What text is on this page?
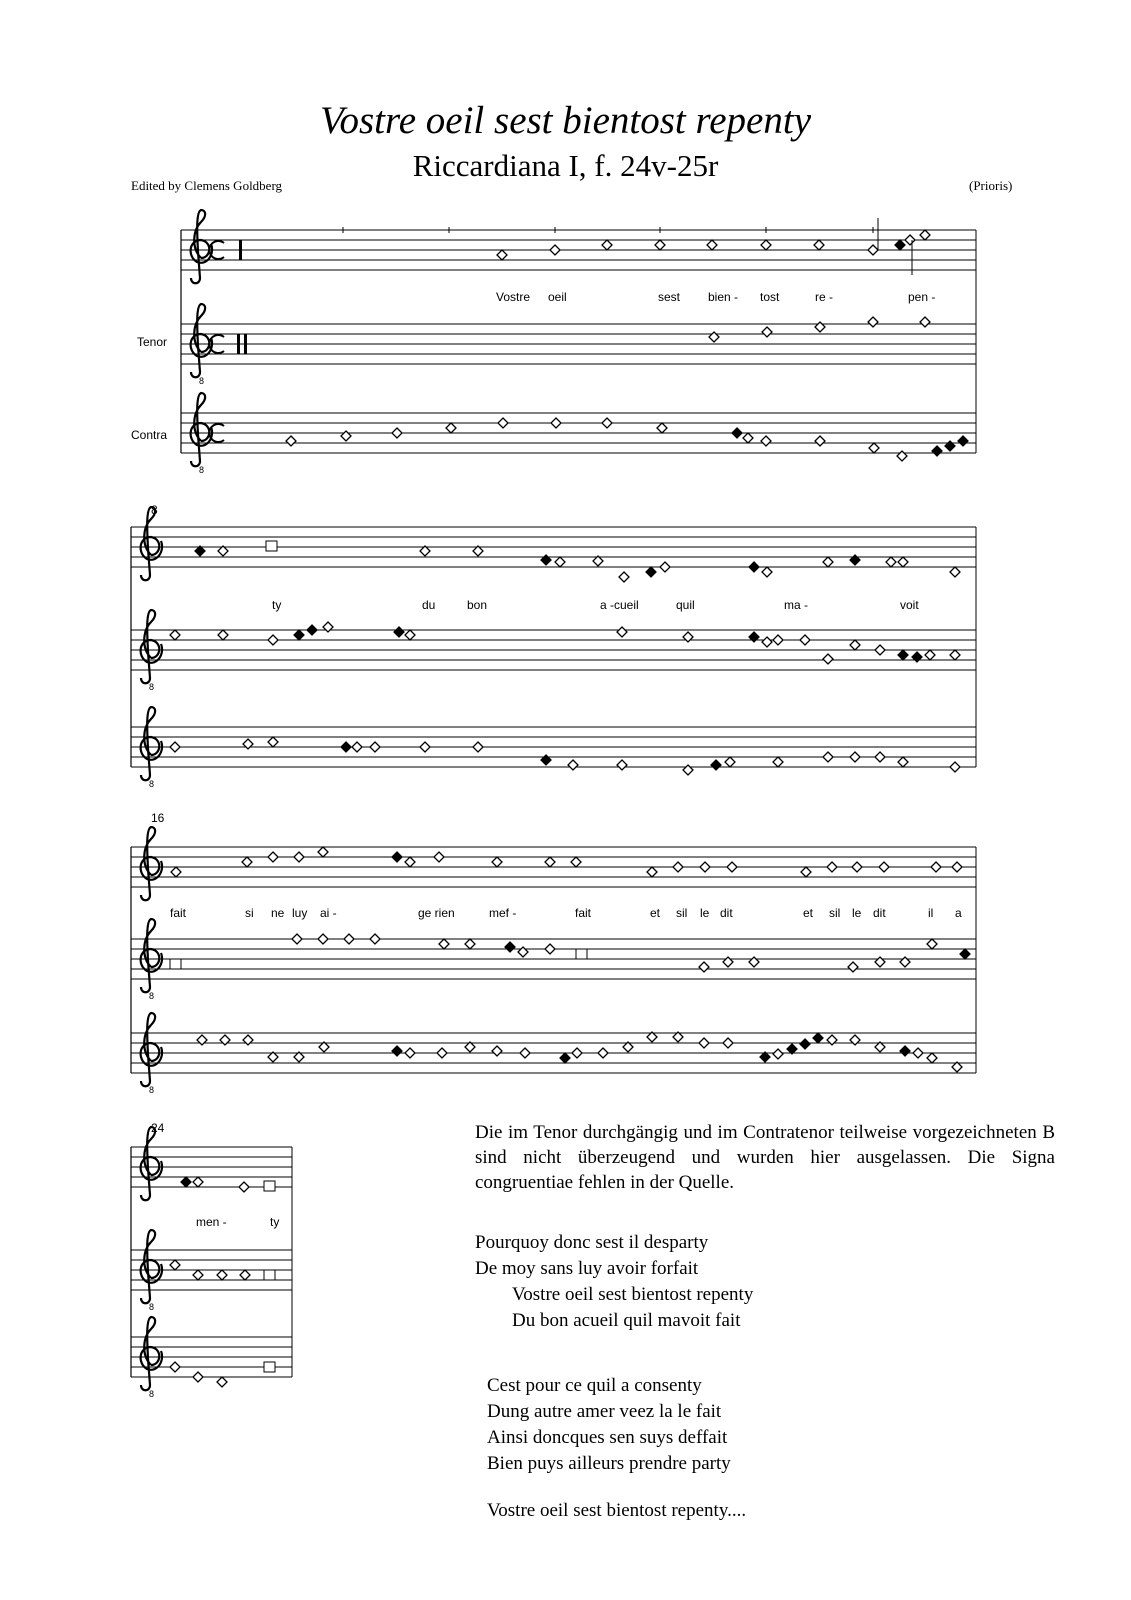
Vostre oeil sest bientost repenty
Riccardiana I, f. 24v-25r
Edited by Clemens Goldberg	(Prioris)
8
8
8
8
8
8
8
8
Tenor
Contra
8
16
24
Vostre oeil	sest bien - tost	re -	pen -
ty	du	bon	a -cueil	quil	ma -	voit
fait	si ne luy ai -	ge rien	mef -	fait	et sil le dit	et sil le dit	il a
men -	ty
Die im Tenor durchgängig und im Contratenor teilweise vorgezeichneten B sind nicht überzeugend und wurden hier ausgelassen. Die Signa congruentiae fehlen in der Quelle.
Pourquoy donc sest il desparty
De moy sans luy avoir forfait
Vostre oeil sest bientost repenty
Du bon acueil quil mavoit fait
Cest pour ce quil a consenty
Dung autre amer veez la le fait
Ainsi doncques sen suys deffait
Bien puys ailleurs prendre party
Vostre oeil sest bientost repenty....
